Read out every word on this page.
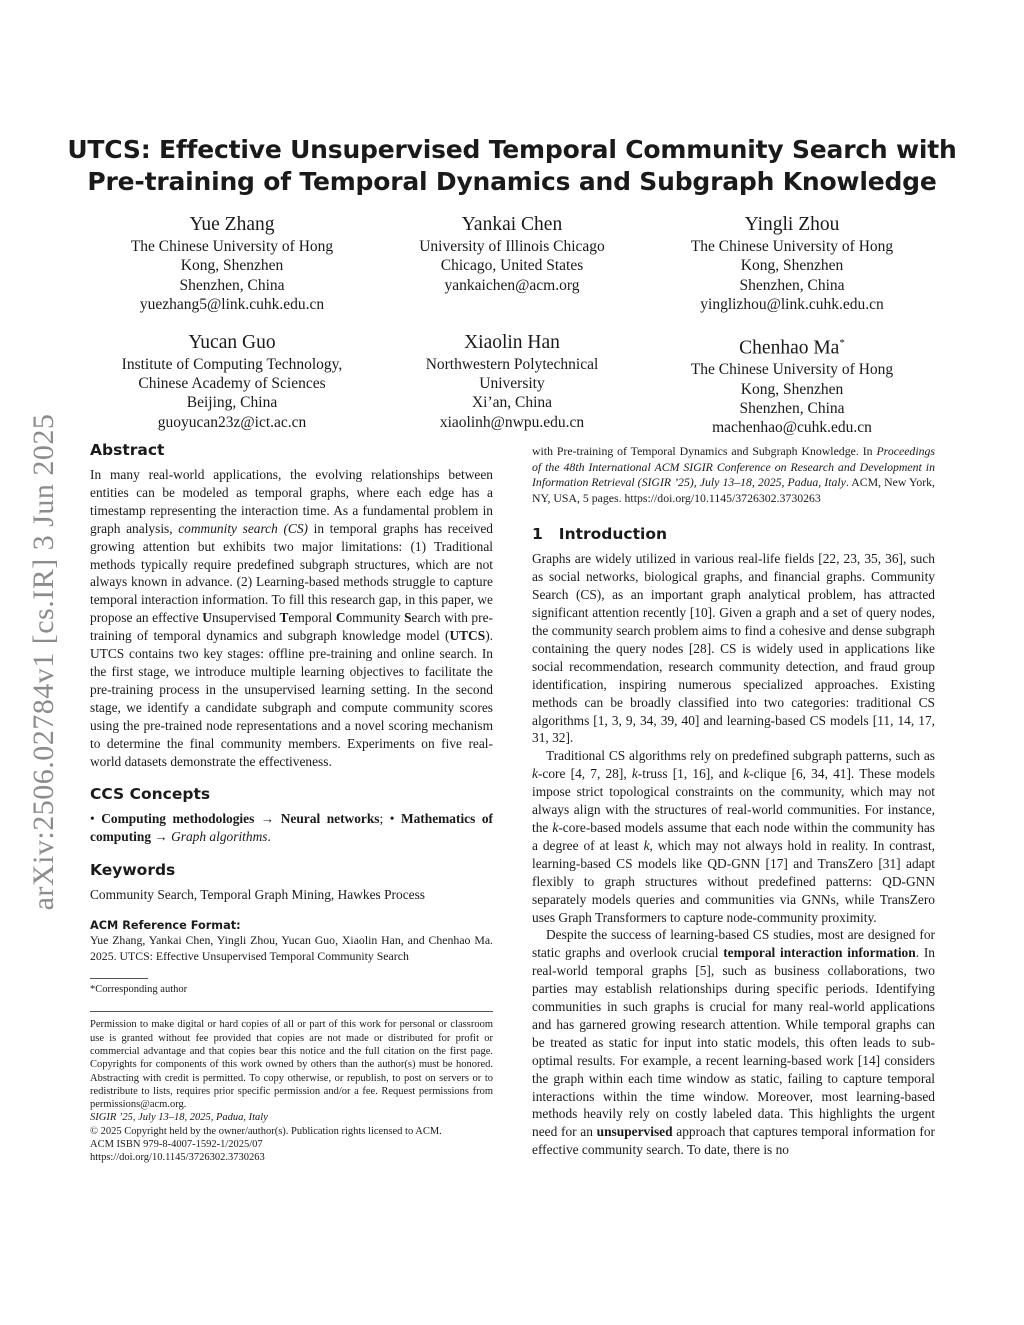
arXiv:2506.02784v1 [cs.IR] 3 Jun 2025
UTCS: Effective Unsupervised Temporal Community Search with
Pre-training of Temporal Dynamics and Subgraph Knowledge
Yue Zhang
The Chinese University of Hong
Kong, Shenzhen
Shenzhen, China
yuezhang5@link.cuhk.edu.cn
Yankai Chen
University of Illinois Chicago
Chicago, United States
yankaichen@acm.org
Yingli Zhou
The Chinese University of Hong
Kong, Shenzhen
Shenzhen, China
yinglizhou@link.cuhk.edu.cn
Yucan Guo
Institute of Computing Technology,
Chinese Academy of Sciences
Beijing, China
guoyucan23z@ict.ac.cn
Xiaolin Han
Northwestern Polytechnical
University
Xi’an, China
xiaolinh@nwpu.edu.cn
Chenhao Ma*
The Chinese University of Hong
Kong, Shenzhen
Shenzhen, China
machenhao@cuhk.edu.cn
Abstract

In many real-world applications, the evolving relationships between entities can be modeled as temporal graphs, where each edge has a timestamp representing the interaction time. As a fundamental problem in graph analysis, community search (CS) in temporal graphs has received growing attention but exhibits two major limitations: (1) Traditional methods typically require predefined subgraph structures, which are not always known in advance. (2) Learning-based methods struggle to capture temporal interaction information. To fill this research gap, in this paper, we propose an effective Unsupervised Temporal Community Search with pre-training of temporal dynamics and subgraph knowledge model (UTCS). UTCS contains two key stages: offline pre-training and online search. In the first stage, we introduce multiple learning objectives to facilitate the pre-training process in the unsupervised learning setting. In the second stage, we identify a candidate subgraph and compute community scores using the pre-trained node representations and a novel scoring mechanism to determine the final community members. Experiments on five real-world datasets demonstrate the effectiveness.

CCS Concepts

• Computing methodologies → Neural networks; • Mathematics of computing → Graph algorithms.

Keywords

Community Search, Temporal Graph Mining, Hawkes Process

ACM Reference Format:

Yue Zhang, Yankai Chen, Yingli Zhou, Yucan Guo, Xiaolin Han, and Chenhao Ma. 2025. UTCS: Effective Unsupervised Temporal Community Search

*Corresponding author
Permission to make digital or hard copies of all or part of this work for personal or classroom use is granted without fee provided that copies are not made or distributed for profit or commercial advantage and that copies bear this notice and the full citation on the first page. Copyrights for components of this work owned by others than the author(s) must be honored. Abstracting with credit is permitted. To copy otherwise, or republish, to post on servers or to redistribute to lists, requires prior specific permission and/or a fee. Request permissions from permissions@acm.org.
SIGIR ’25, July 13–18, 2025, Padua, Italy
© 2025 Copyright held by the owner/author(s). Publication rights licensed to ACM.
ACM ISBN 979-8-4007-1592-1/2025/07
https://doi.org/10.1145/3726302.3730263

with Pre-training of Temporal Dynamics and Subgraph Knowledge. In Proceedings of the 48th International ACM SIGIR Conference on Research and Development in Information Retrieval (SIGIR ’25), July 13–18, 2025, Padua, Italy. ACM, New York, NY, USA, 5 pages. https://doi.org/10.1145/3726302.3730263

1 Introduction

Graphs are widely utilized in various real-life fields [22, 23, 35, 36], such as social networks, biological graphs, and financial graphs. Community Search (CS), as an important graph analytical problem, has attracted significant attention recently [10]. Given a graph and a set of query nodes, the community search problem aims to find a cohesive and dense subgraph containing the query nodes [28]. CS is widely used in applications like social recommendation, research community detection, and fraud group identification, inspiring numerous specialized approaches. Existing methods can be broadly classified into two categories: traditional CS algorithms [1, 3, 9, 34, 39, 40] and learning-based CS models [11, 14, 17, 31, 32].

Traditional CS algorithms rely on predefined subgraph patterns, such as k-core [4, 7, 28], k-truss [1, 16], and k-clique [6, 34, 41]. These models impose strict topological constraints on the community, which may not always align with the structures of real-world communities. For instance, the k-core-based models assume that each node within the community has a degree of at least k, which may not always hold in reality. In contrast, learning-based CS models like QD-GNN [17] and TransZero [31] adapt flexibly to graph structures without predefined patterns: QD-GNN separately models queries and communities via GNNs, while TransZero uses Graph Transformers to capture node-community proximity.

Despite the success of learning-based CS studies, most are designed for static graphs and overlook crucial temporal interaction information. In real-world temporal graphs [5], such as business collaborations, two parties may establish relationships during specific periods. Identifying communities in such graphs is crucial for many real-world applications and has garnered growing research attention. While temporal graphs can be treated as static for input into static models, this often leads to sub-optimal results. For example, a recent learning-based work [14] considers the graph within each time window as static, failing to capture temporal interactions within the time window. Moreover, most learning-based methods heavily rely on costly labeled data. This highlights the urgent need for an unsupervised approach that captures temporal information for effective community search. To date, there is no
